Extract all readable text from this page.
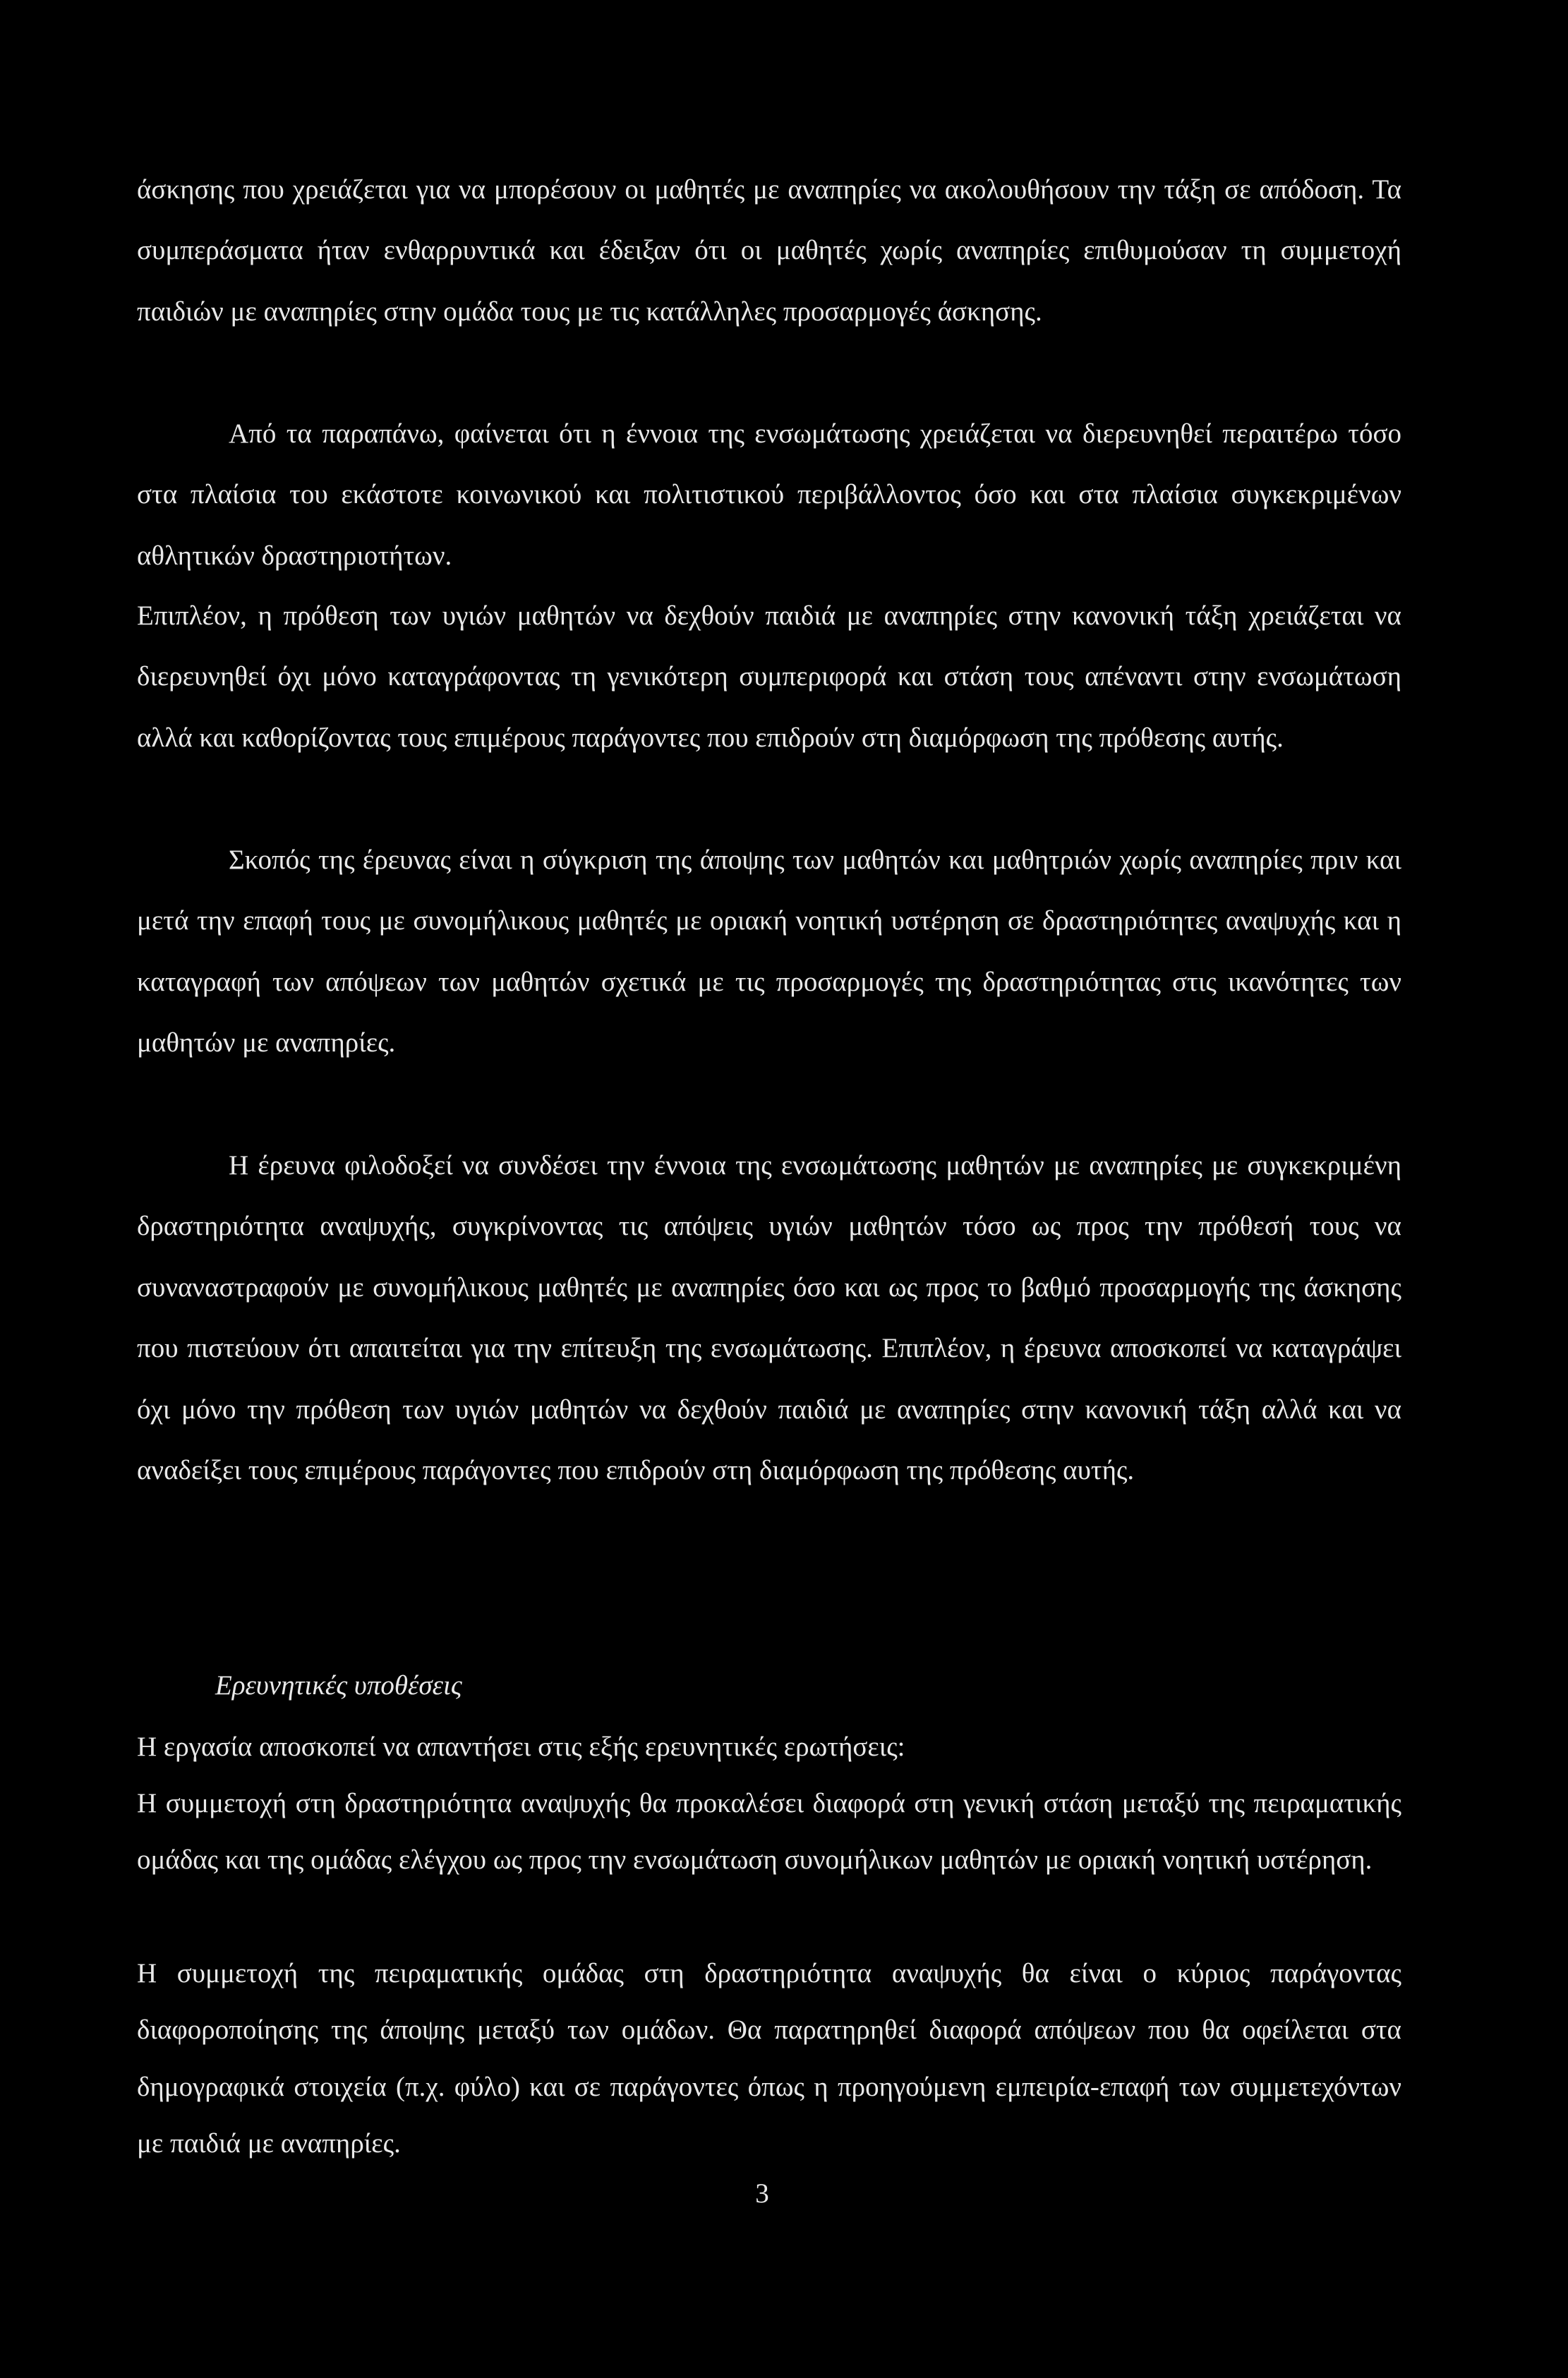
άσκησης που χρειάζεται για να μπορέσουν οι μαθητές με αναπηρίες να ακολουθήσουν την τάξη σε απόδοση. Τα συμπεράσματα ήταν ενθαρρυντικά και έδειξαν ότι οι μαθητές χωρίς αναπηρίες επιθυμούσαν τη συμμετοχή παιδιών με αναπηρίες στην ομάδα τους με τις κατάλληλες προσαρμογές άσκησης.

Από τα παραπάνω, φαίνεται ότι η έννοια της ενσωμάτωσης χρειάζεται να διερευνηθεί περαιτέρω τόσο στα πλαίσια του εκάστοτε κοινωνικού και πολιτιστικού περιβάλλοντος όσο και στα πλαίσια συγκεκριμένων αθλητικών δραστηριοτήτων.

Επιπλέον, η πρόθεση των υγιών μαθητών να δεχθούν παιδιά με αναπηρίες στην κανονική τάξη χρειάζεται να διερευνηθεί όχι μόνο καταγράφοντας τη γενικότερη συμπεριφορά και στάση τους απέναντι στην ενσωμάτωση αλλά και καθορίζοντας τους επιμέρους παράγοντες που επιδρούν στη διαμόρφωση της πρόθεσης αυτής.

Σκοπός της έρευνας είναι η σύγκριση της άποψης των μαθητών και μαθητριών χωρίς αναπηρίες πριν και μετά την επαφή τους με συνομήλικους μαθητές με οριακή νοητική υστέρηση σε δραστηριότητες αναψυχής και η καταγραφή των απόψεων των μαθητών σχετικά με τις προσαρμογές της δραστηριότητας στις ικανότητες των μαθητών με αναπηρίες.

Η έρευνα φιλοδοξεί να συνδέσει την έννοια της ενσωμάτωσης μαθητών με αναπηρίες με συγκεκριμένη δραστηριότητα αναψυχής, συγκρίνοντας τις απόψεις υγιών μαθητών τόσο ως προς την πρόθεσή τους να συναναστραφούν με συνομήλικους μαθητές με αναπηρίες όσο και ως προς το βαθμό προσαρμογής της άσκησης που πιστεύουν ότι απαιτείται για την επίτευξη της ενσωμάτωσης. Επιπλέον, η έρευνα αποσκοπεί να καταγράψει όχι μόνο την πρόθεση των υγιών μαθητών να δεχθούν παιδιά με αναπηρίες στην κανονική τάξη αλλά και να αναδείξει τους επιμέρους παράγοντες που επιδρούν στη διαμόρφωση της πρόθεσης αυτής.

Ερευνητικές υποθέσεις

Η εργασία αποσκοπεί να απαντήσει στις εξής ερευνητικές ερωτήσεις:

Η συμμετοχή στη δραστηριότητα αναψυχής θα προκαλέσει διαφορά στη γενική στάση μεταξύ της πειραματικής ομάδας και της ομάδας ελέγχου ως προς την ενσωμάτωση συνομήλικων μαθητών με οριακή νοητική υστέρηση.

Η συμμετοχή της πειραματικής ομάδας στη δραστηριότητα αναψυχής θα είναι ο κύριος παράγοντας διαφοροποίησης της άποψης μεταξύ των ομάδων. Θα παρατηρηθεί διαφορά απόψεων που θα οφείλεται στα δημογραφικά στοιχεία (π.χ. φύλο) και σε παράγοντες όπως η προηγούμενη εμπειρία-επαφή των συμμετεχόντων με παιδιά με αναπηρίες.

3
